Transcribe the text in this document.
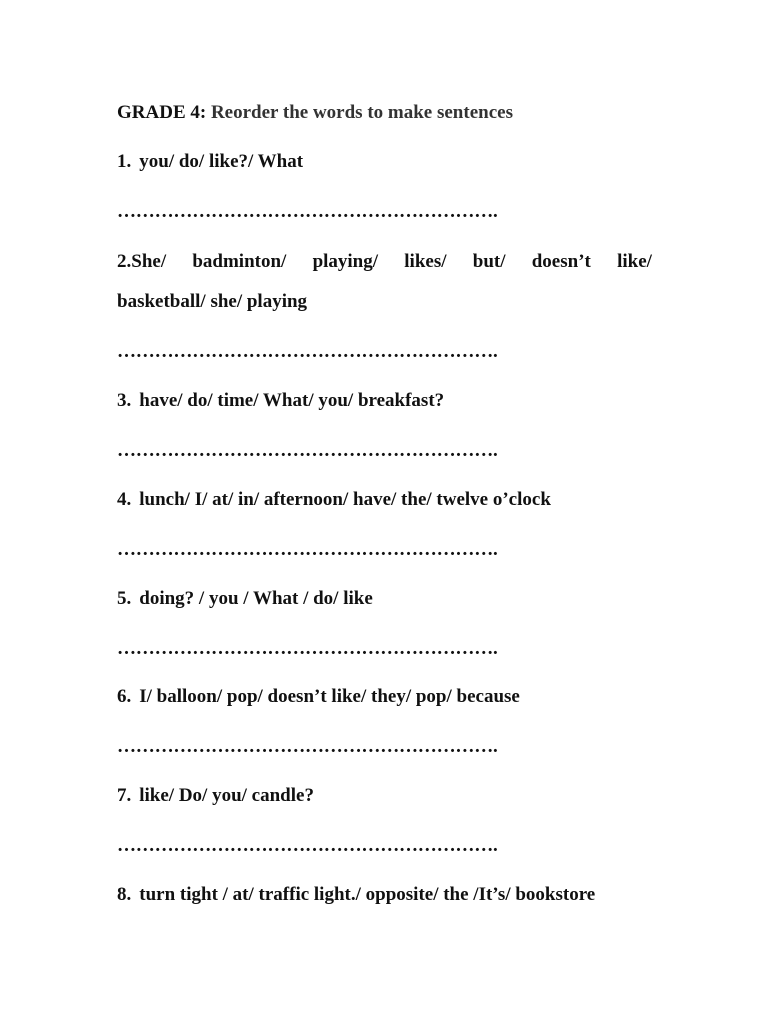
GRADE 4: Reorder the words to make sentences
1. you/ do/ like?/ What
…………………………………………………….
2.She/ badminton/ playing/ likes/ but/ doesn’t like/
basketball/ she/ playing
…………………………………………………….
3. have/ do/ time/ What/ you/ breakfast?
…………………………………………………….
4. lunch/ I/ at/ in/ afternoon/ have/ the/ twelve o’clock
…………………………………………………….
5. doing? / you / What / do/ like
…………………………………………………….
6. I/ balloon/ pop/ doesn’t like/ they/ pop/ because
…………………………………………………….
7. like/ Do/ you/ candle?
…………………………………………………….
8. turn tight / at/ traffic light./ opposite/ the /It’s/ bookstore
